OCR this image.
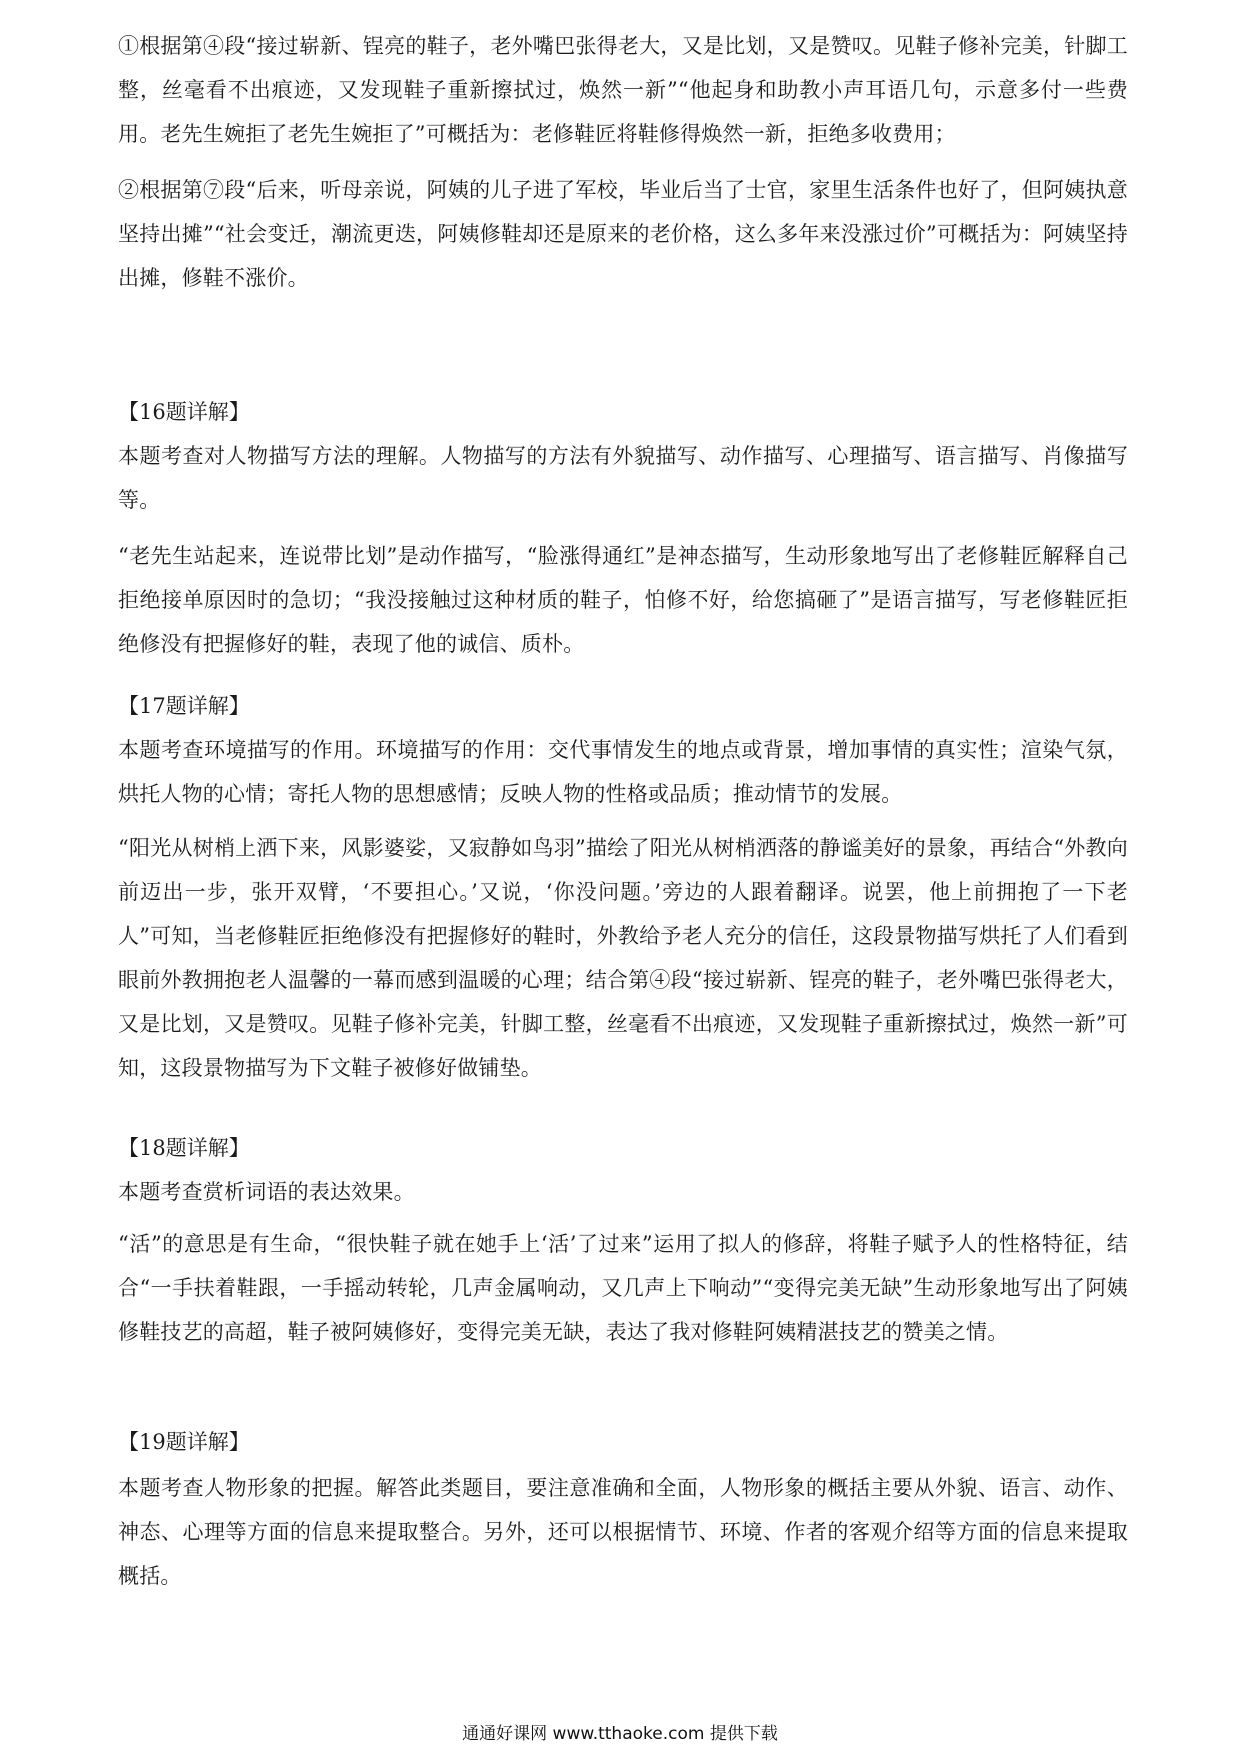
①根据第④段“接过崭新、锃亮的鞋子，老外嘴巴张得老大，又是比划，又是赞叹。见鞋子修补完美，针脚工整，丝毫看不出痕迹，又发现鞋子重新擦拭过，焕然一新”“他起身和助教小声耳语几句，示意多付一些费用。老先生婉拒了老先生婉拒了”可概括为：老修鞋匠将鞋修得焕然一新，拒绝多收费用；

②根据第⑦段“后来，听母亲说，阿姨的儿子进了军校，毕业后当了士官，家里生活条件也好了，但阿姨执意坚持出摊”“社会变迁，潮流更迭，阿姨修鞋却还是原来的老价格，这么多年来没涨过价”可概括为：阿姨坚持出摊，修鞋不涨价。

【16题详解】

本题考查对人物描写方法的理解。人物描写的方法有外貌描写、动作描写、心理描写、语言描写、肖像描写等。

“老先生站起来，连说带比划”是动作描写，“脸涨得通红”是神态描写，生动形象地写出了老修鞋匠解释自己拒绝接单原因时的急切；“我没接触过这种材质的鞋子，怕修不好，给您搞砸了”是语言描写，写老修鞋匠拒绝修没有把握修好的鞋，表现了他的诚信、质朴。

【17题详解】

本题考查环境描写的作用。环境描写的作用：交代事情发生的地点或背景，增加事情的真实性；渲染气氛，烘托人物的心情；寄托人物的思想感情；反映人物的性格或品质；推动情节的发展。

“阳光从树梢上洒下来，风影婆娑，又寂静如鸟羽”描绘了阳光从树梢洒落的静谧美好的景象，再结合“外教向前迈出一步，张开双臂，‘不要担心。’又说，‘你没问题。’旁边的人跟着翻译。说罢，他上前拥抱了一下老人”可知，当老修鞋匠拒绝修没有把握修好的鞋时，外教给予老人充分的信任，这段景物描写烘托了人们看到眼前外教拥抱老人温馨的一幕而感到温暖的心理；结合第④段“接过崭新、锃亮的鞋子，老外嘴巴张得老大，又是比划，又是赞叹。见鞋子修补完美，针脚工整，丝毫看不出痕迹，又发现鞋子重新擦拭过，焕然一新”可知，这段景物描写为下文鞋子被修好做铺垫。

【18题详解】

本题考查赏析词语的表达效果。

“活”的意思是有生命，“很快鞋子就在她手上‘活’了过来”运用了拟人的修辞，将鞋子赋予人的性格特征，结合“一手扶着鞋跟，一手摇动转轮，几声金属响动，又几声上下响动”“变得完美无缺”生动形象地写出了阿姨修鞋技艺的高超，鞋子被阿姨修好，变得完美无缺，表达了我对修鞋阿姨精湛技艺的赞美之情。

【19题详解】

本题考查人物形象的把握。解答此类题目，要注意准确和全面，人物形象的概括主要从外貌、语言、动作、神态、心理等方面的信息来提取整合。另外，还可以根据情节、环境、作者的客观介绍等方面的信息来提取概括。

通通好课网 www.tthaoke.com 提供下载
